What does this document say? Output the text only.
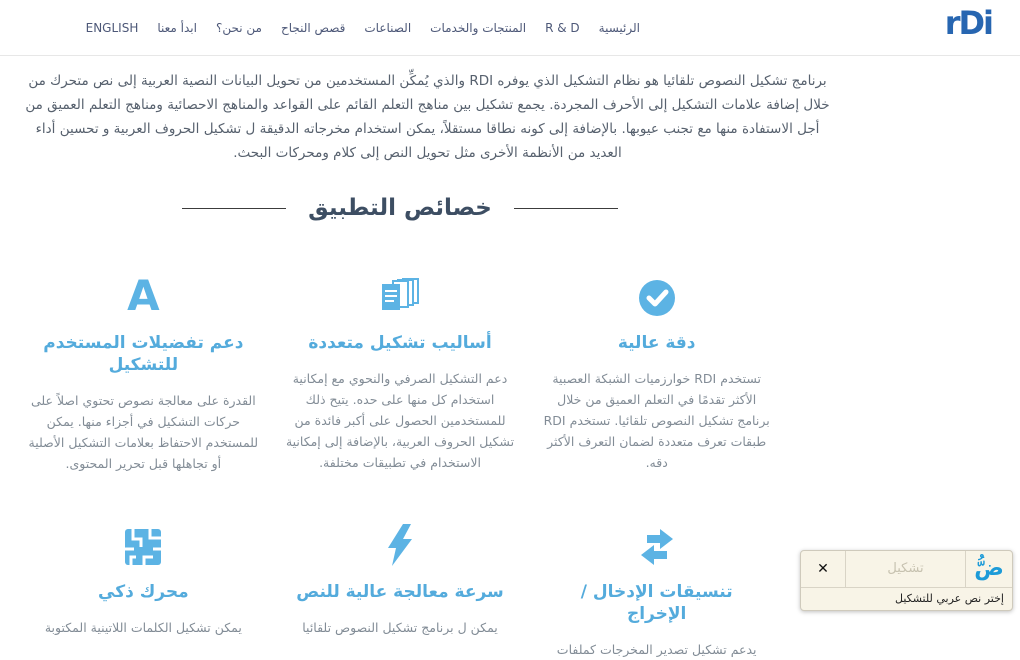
rDi
الرئيسية
R & D
المنتجات والخدمات
الصناعات
قصص النجاح
من نحن؟
ابدأ معنا
ENGLISH

برنامج تشكيل النصوص تلقائيا هو نظام التشكيل الذي يوفره RDI والذي يُمكِّن المستخدمين من تحويل البيانات النصية العربية إلى نص متحرك من خلال إضافة علامات التشكيل إلى الأحرف المجردة. يجمع تشكيل بين مناهج التعلم القائم على القواعد والمناهج الاحصائية ومناهج التعلم العميق من أجل الاستفادة منها مع تجنب عيوبها. بالإضافة إلى كونه نطاقا مستقلاً، يمكن استخدام مخرجاته الدقيقة ل تشكيل الحروف العربية و تحسين أداء العديد من الأنظمة الأخرى مثل تحويل النص إلى كلام ومحركات البحث.

خصائص التطبيق
دقة عالية

تستخدم RDI خوارزميات الشبكة العصبية الأكثر تقدمًا في التعلم العميق من خلال برنامج تشكيل النصوص تلقائيا. تستخدم RDI طبقات تعرف متعددة لضمان التعرف الأكثر دقه.

أساليب تشكيل متعددة

دعم التشكيل الصرفي والنحوي مع إمكانية استخدام كل منها على حده. يتيح ذلك للمستخدمين الحصول على أكبر فائدة من تشكيل الحروف العربية، بالإضافة إلى إمكانية الاستخدام في تطبيقات مختلفة.

A
دعم تفضيلات المستخدم للتشكيل

القدرة على معالجة نصوص تحتوي اصلاً على حركات التشكيل في أجزاء منها. يمكن للمستخدم الاحتفاظ بعلامات التشكيل الأصلية أو تجاهلها قبل تحرير المحتوى.

تنسيقات الإدخال / الإخراج

يدعم تشكيل تصدير المخرجات كملفات

سرعة معالجة عالية للنص

يمكن ل برنامج تشكيل النصوص تلقائيا

محرك ذكي

يمكن تشكيل الكلمات اللاتينية المكتوبة

ضُّ
تشكيل
✕
إختر نص عربي للتشكيل
